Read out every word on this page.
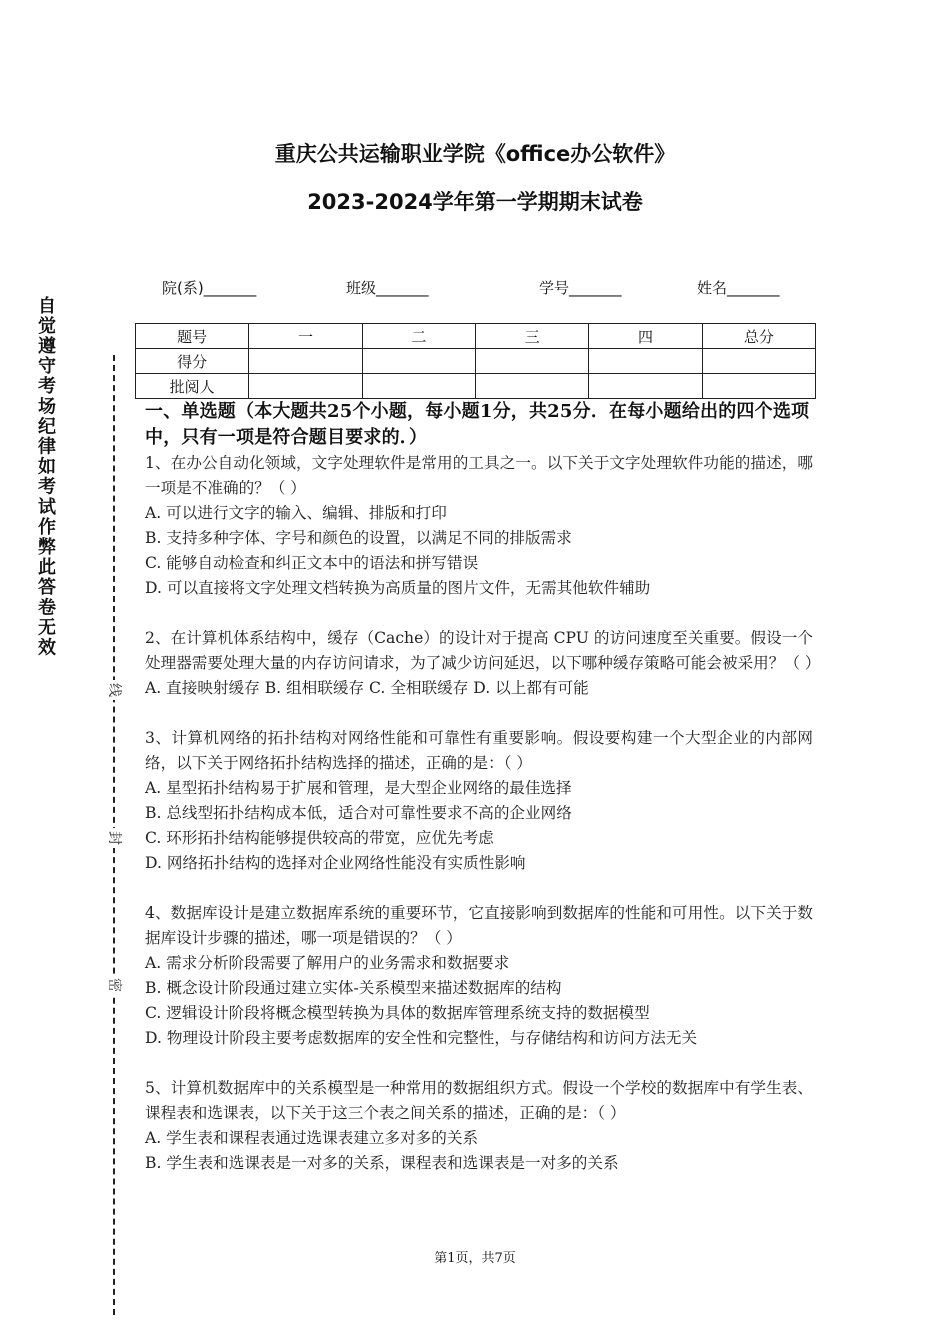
重庆公共运输职业学院《office办公软件》
2023-2024学年第一学期期末试卷
院(系)_______	班级_______	学号_______	姓名_______
题号	一	二	三	四	总分
得分					
批阅人					
自觉遵守考场纪律如考试作弊此答卷无效
线
封
密
一、单选题（本大题共25个小题，每小题1分，共25分．在每小题给出的四个选项中，只有一项是符合题目要求的．）
1、在办公自动化领域，文字处理软件是常用的工具之一。以下关于文字处理软件功能的描述，哪一项是不准确的？（ ）
A. 可以进行文字的输入、编辑、排版和打印
B. 支持多种字体、字号和颜色的设置，以满足不同的排版需求
C. 能够自动检查和纠正文本中的语法和拼写错误
D. 可以直接将文字处理文档转换为高质量的图片文件，无需其他软件辅助
2、在计算机体系结构中，缓存（Cache）的设计对于提高 CPU 的访问速度至关重要。假设一个处理器需要处理大量的内存访问请求，为了减少访问延迟，以下哪种缓存策略可能会被采用？（ ）
A. 直接映射缓存 B. 组相联缓存 C. 全相联缓存 D. 以上都有可能
3、计算机网络的拓扑结构对网络性能和可靠性有重要影响。假设要构建一个大型企业的内部网络，以下关于网络拓扑结构选择的描述，正确的是：（ ）
A. 星型拓扑结构易于扩展和管理，是大型企业网络的最佳选择
B. 总线型拓扑结构成本低，适合对可靠性要求不高的企业网络
C. 环形拓扑结构能够提供较高的带宽，应优先考虑
D. 网络拓扑结构的选择对企业网络性能没有实质性影响
4、数据库设计是建立数据库系统的重要环节，它直接影响到数据库的性能和可用性。以下关于数据库设计步骤的描述，哪一项是错误的？（ ）
A. 需求分析阶段需要了解用户的业务需求和数据要求
B. 概念设计阶段通过建立实体-关系模型来描述数据库的结构
C. 逻辑设计阶段将概念模型转换为具体的数据库管理系统支持的数据模型
D. 物理设计阶段主要考虑数据库的安全性和完整性，与存储结构和访问方法无关
5、计算机数据库中的关系模型是一种常用的数据组织方式。假设一个学校的数据库中有学生表、课程表和选课表，以下关于这三个表之间关系的描述，正确的是：（ ）
A. 学生表和课程表通过选课表建立多对多的关系
B. 学生表和选课表是一对多的关系，课程表和选课表是一对多的关系
第1页，共7页
